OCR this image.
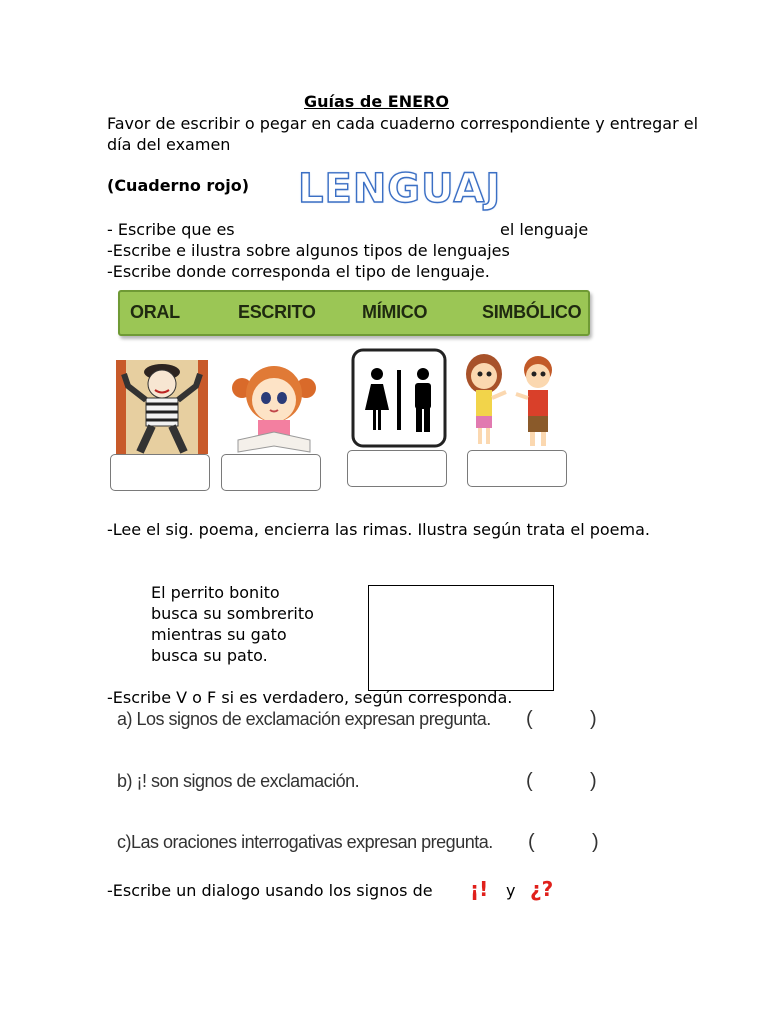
Guías de ENERO
Favor de escribir o pegar en cada cuaderno correspondiente y entregar el día del examen
(Cuaderno rojo) LENGUAJ
- Escribe que es	el lenguaje
-Escribe e ilustra sobre algunos tipos de lenguajes
-Escribe donde corresponda el tipo de lenguaje.
ORAL	ESCRITO	MÍMICO	SIMBÓLICO
-Lee el sig. poema, encierra las rimas. Ilustra según trata el poema.
El perrito bonito
busca su sombrerito
mientras su gato
busca su pato.
-Escribe V o F si es verdadero, según corresponda.
a) Los signos de exclamación expresan pregunta. (	)
b) ¡! son signos de exclamación.	(	)
c)Las oraciones interrogativas expresan pregunta. (	)
-Escribe un dialogo usando los signos de ¡! y ¿?
